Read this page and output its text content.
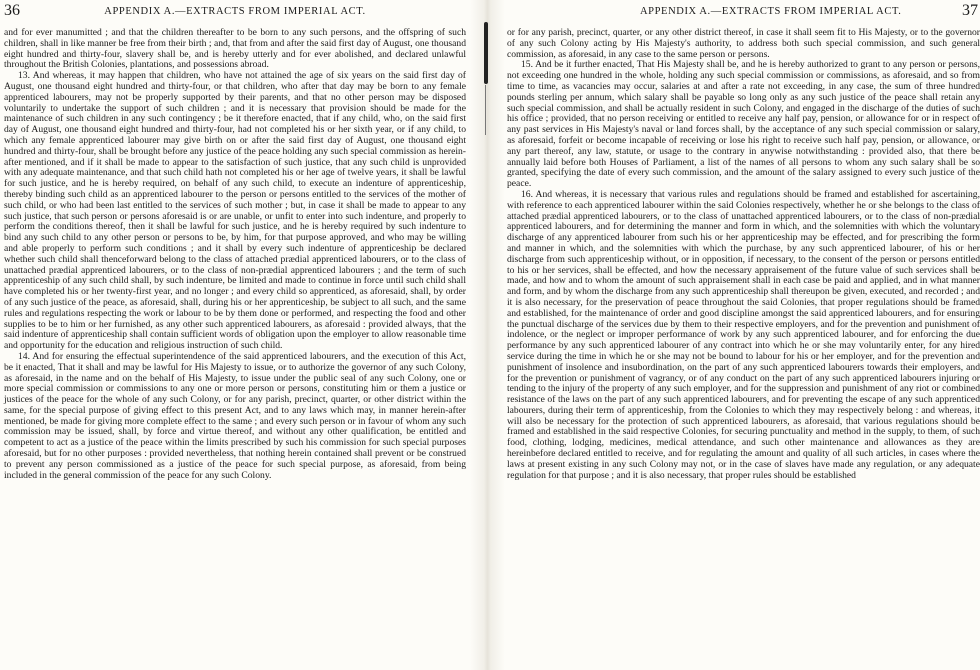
36	APPENDIX A.—EXTRACTS FROM IMPERIAL ACT.

and for ever manumitted ; and that the children thereafter to be born to any such persons, and the offspring of such children, shall in like manner be free from their birth ; and, that from and after the said first day of August, one thousand eight hundred and thirty-four, slavery shall be, and is hereby utterly and for ever abolished, and declared unlawful throughout the British Colonies, plantations, and possessions abroad.

13. And whereas, it may happen that children, who have not attained the age of six years on the said first day of August, one thousand eight hundred and thirty-four, or that children, who after that day may be born to any female apprenticed labourers, may not be properly supported by their parents, and that no other person may be disposed voluntarily to undertake the support of such children ; and it is necessary that provision should be made for the maintenance of such children in any such contingency ; be it therefore enacted, that if any child, who, on the said first day of August, one thousand eight hundred and thirty-four, had not completed his or her sixth year, or if any child, to which any female apprenticed labourer may give birth on or after the said first day of August, one thousand eight hundred and thirty-four, shall be brought before any justice of the peace holding any such special commission as herein-after mentioned, and if it shall be made to appear to the satisfaction of such justice, that any such child is unprovided with any adequate maintenance, and that such child hath not completed his or her age of twelve years, it shall be lawful for such justice, and he is hereby required, on behalf of any such child, to execute an indenture of apprenticeship, thereby binding such child as an apprenticed labourer to the person or persons entitled to the services of the mother of such child, or who had been last entitled to the services of such mother ; but, in case it shall be made to appear to any such justice, that such person or persons aforesaid is or are unable, or unfit to enter into such indenture, and properly to perform the conditions thereof, then it shall be lawful for such justice, and he is hereby required by such indenture to bind any such child to any other person or persons to be, by him, for that purpose approved, and who may be willing and able properly to perform such conditions ; and it shall by every such indenture of apprenticeship be declared whether such child shall thenceforward belong to the class of attached prædial apprenticed labourers, or to the class of unattached prædial apprenticed labourers, or to the class of non-prædial apprenticed labourers ; and the term of such apprenticeship of any such child shall, by such indenture, be limited and made to continue in force until such child shall have completed his or her twenty-first year, and no longer ; and every child so apprenticed, as aforesaid, shall, by order of any such justice of the peace, as aforesaid, shall, during his or her apprenticeship, be subject to all such, and the same rules and regulations respecting the work or labour to be by them done or performed, and respecting the food and other supplies to be to him or her furnished, as any other such apprenticed labourers, as aforesaid : provided always, that the said indenture of apprenticeship shall contain sufficient words of obligation upon the employer to allow reasonable time and opportunity for the education and religious instruction of such child.

14. And for ensuring the effectual superintendence of the said apprenticed labourers, and the execution of this Act, be it enacted, That it shall and may be lawful for His Majesty to issue, or to authorize the governor of any such Colony, as aforesaid, in the name and on the behalf of His Majesty, to issue under the public seal of any such Colony, one or more special commission or commissions to any one or more person or persons, constituting him or them a justice or justices of the peace for the whole of any such Colony, or for any parish, precinct, quarter, or other district within the same, for the special purpose of giving effect to this present Act, and to any laws which may, in manner herein-after mentioned, be made for giving more complete effect to the same ; and every such person or in favour of whom any such commission may be issued, shall, by force and virtue thereof, and without any other qualification, be entitled and competent to act as a justice of the peace within the limits prescribed by such his commission for such special purposes aforesaid, but for no other purposes : provided nevertheless, that nothing herein contained shall prevent or be construed to prevent any person commissioned as a justice of the peace for such special purpose, as aforesaid, from being included in the general commission of the peace for any such Colony.

APPENDIX A.—EXTRACTS FROM IMPERIAL ACT.	37

or for any parish, precinct, quarter, or any other district thereof, in case it shall seem fit to His Majesty, or to the governor of any such Colony acting by His Majesty's authority, to address both such special commission, and such general commission, as aforesaid, in any case to the same person or persons.

15. And be it further enacted, That His Majesty shall be, and he is hereby authorized to grant to any person or persons, not exceeding one hundred in the whole, holding any such special commission or commissions, as aforesaid, and so from time to time, as vacancies may occur, salaries at and after a rate not exceeding, in any case, the sum of three hundred pounds sterling per annum, which salary shall be payable so long only as any such justice of the peace shall retain any such special commission, and shall be actually resident in such Colony, and engaged in the discharge of the duties of such his office ; provided, that no person receiving or entitled to receive any half pay, pension, or allowance for or in respect of any past services in His Majesty's naval or land forces shall, by the acceptance of any such special commission or salary, as aforesaid, forfeit or become incapable of receiving or lose his right to receive such half pay, pension, or allowance, or any part thereof, any law, statute, or usage to the contrary in anywise notwithstanding : provided also, that there be annually laid before both Houses of Parliament, a list of the names of all persons to whom any such salary shall be so granted, specifying the date of every such commission, and the amount of the salary assigned to every such justice of the peace.

16. And whereas, it is necessary that various rules and regulations should be framed and established for ascertaining, with reference to each apprenticed labourer within the said Colonies respectively, whether he or she belongs to the class of attached prædial apprenticed labourers, or to the class of unattached apprenticed labourers, or to the class of non-prædial apprenticed labourers, and for determining the manner and form in which, and the solemnities with which the voluntary discharge of any apprenticed labourer from such his or her apprenticeship may be effected, and for prescribing the form and manner in which, and the solemnities with which the purchase, by any such apprenticed labourer, of his or her discharge from such apprenticeship without, or in opposition, if necessary, to the consent of the person or persons entitled to his or her services, shall be effected, and how the necessary appraisement of the future value of such services shall be made, and how and to whom the amount of such appraisement shall in each case be paid and applied, and in what manner and form, and by whom the discharge from any such apprenticeship shall thereupon be given, executed, and recorded ; and it is also necessary, for the preservation of peace throughout the said Colonies, that proper regulations should be framed and established, for the maintenance of order and good discipline amongst the said apprenticed labourers, and for ensuring the punctual discharge of the services due by them to their respective employers, and for the prevention and punishment of indolence, or the neglect or improper performance of work by any such apprenticed labourer, and for enforcing the due performance by any such apprenticed labourer of any contract into which he or she may voluntarily enter, for any hired service during the time in which he or she may not be bound to labour for his or her employer, and for the prevention and punishment of insolence and insubordination, on the part of any such apprenticed labourers towards their employers, and for the prevention or punishment of vagrancy, or of any conduct on the part of any such apprenticed labourers injuring or tending to the injury of the property of any such employer, and for the suppression and punishment of any riot or combined resistance of the laws on the part of any such apprenticed labourers, and for preventing the escape of any such apprenticed labourers, during their term of apprenticeship, from the Colonies to which they may respectively belong : and whereas, it will also be necessary for the protection of such apprenticed labourers, as aforesaid, that various regulations should be framed and established in the said respective Colonies, for securing punctuality and method in the supply, to them, of such food, clothing, lodging, medicines, medical attendance, and such other maintenance and allowances as they are hereinbefore declared entitled to receive, and for regulating the amount and quality of all such articles, in cases where the laws at present existing in any such Colony may not, or in the case of slaves have made any regulation, or any adequate regulation for that purpose ; and it is also necessary, that proper rules should be established
